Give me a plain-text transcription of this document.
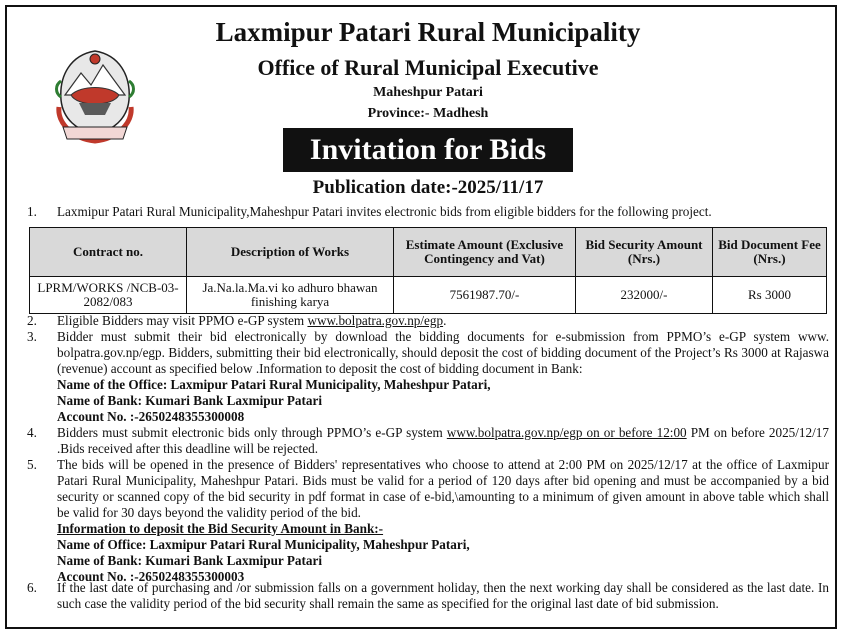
Laxmipur Patari Rural Municipality
Office of Rural Municipal Executive
Maheshpur Patari
Province:- Madhesh
Invitation for Bids
Publication date:-2025/11/17
1. Laxmipur Patari Rural Municipality,Maheshpur Patari invites electronic bids from eligible bidders for the following project.
Contract no.	Description of Works	Estimate Amount (Exclusive Contingency and Vat)	Bid Security Amount (Nrs.)	Bid Document Fee (Nrs.)
LPRM/WORKS /NCB-03-2082/083	Ja.Na.la.Ma.vi ko adhuro bhawan finishing karya	7561987.70/-	232000/-	Rs 3000
2. Eligible Bidders may visit PPMO e-GP system www.bolpatra.gov.np/egp.
3. Bidder must submit their bid electronically by download the bidding documents for e-submission from PPMO’s e-GP system www. bolpatra.gov.np/egp. Bidders, submitting their bid electronically, should deposit the cost of bidding document of the Project’s Rs 3000 at Rajaswa (revenue) account as specified below .Information to deposit the cost of bidding document in Bank:
Name of the Office: Laxmipur Patari Rural Municipality, Maheshpur Patari,
Name of Bank: Kumari Bank Laxmipur Patari
Account No. :-2650248355300008
4. Bidders must submit electronic bids only through PPMO’s e-GP system www.bolpatra.gov.np/egp on or before 12:00 PM on before 2025/12/17 .Bids received after this deadline will be rejected.
5. The bids will be opened in the presence of Bidders' representatives who choose to attend at 2:00 PM on 2025/12/17 at the office of Laxmipur Patari Rural Municipality, Maheshpur Patari. Bids must be valid for a period of 120 days after bid opening and must be accompanied by a bid security or scanned copy of the bid security in pdf format in case of e-bid,\amounting to a minimum of given amount in above table which shall be valid for 30 days beyond the validity period of the bid.
Information to deposit the Bid Security Amount in Bank:-
Name of Office: Laxmipur Patari Rural Municipality, Maheshpur Patari,
Name of Bank: Kumari Bank Laxmipur Patari
Account No. :-2650248355300003
6. If the last date of purchasing and /or submission falls on a government holiday, then the next working day shall be considered as the last date. In such case the validity period of the bid security shall remain the same as specified for the original last date of bid submission.
